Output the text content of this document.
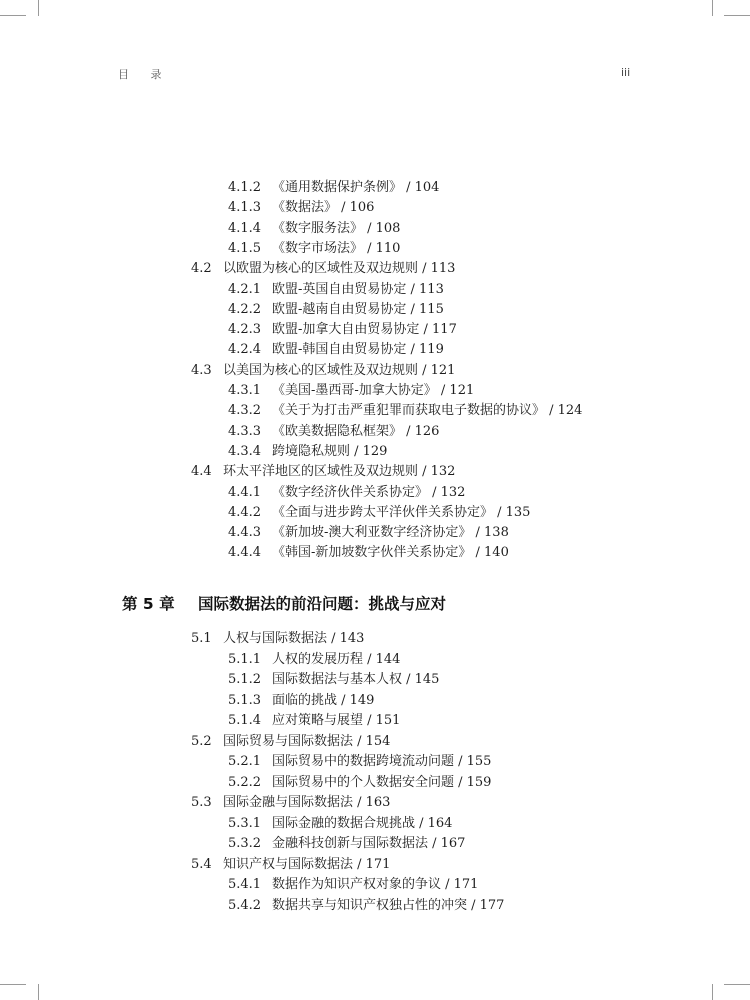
目 录	iii
4.1.2 《通用数据保护条例》 / 104
4.1.3 《数据法》 / 106
4.1.4 《数字服务法》 / 108
4.1.5 《数字市场法》 / 110
4.2 以欧盟为核心的区域性及双边规则 / 113
4.2.1 欧盟-英国自由贸易协定 / 113
4.2.2 欧盟-越南自由贸易协定 / 115
4.2.3 欧盟-加拿大自由贸易协定 / 117
4.2.4 欧盟-韩国自由贸易协定 / 119
4.3 以美国为核心的区域性及双边规则 / 121
4.3.1 《美国-墨西哥-加拿大协定》 / 121
4.3.2 《关于为打击严重犯罪而获取电子数据的协议》 / 124
4.3.3 《欧美数据隐私框架》 / 126
4.3.4 跨境隐私规则 / 129
4.4 环太平洋地区的区域性及双边规则 / 132
4.4.1 《数字经济伙伴关系协定》 / 132
4.4.2 《全面与进步跨太平洋伙伴关系协定》 / 135
4.4.3 《新加坡-澳大利亚数字经济协定》 / 138
4.4.4 《韩国-新加坡数字伙伴关系协定》 / 140
第 5 章 国际数据法的前沿问题：挑战与应对
5.1 人权与国际数据法 / 143
5.1.1 人权的发展历程 / 144
5.1.2 国际数据法与基本人权 / 145
5.1.3 面临的挑战 / 149
5.1.4 应对策略与展望 / 151
5.2 国际贸易与国际数据法 / 154
5.2.1 国际贸易中的数据跨境流动问题 / 155
5.2.2 国际贸易中的个人数据安全问题 / 159
5.3 国际金融与国际数据法 / 163
5.3.1 国际金融的数据合规挑战 / 164
5.3.2 金融科技创新与国际数据法 / 167
5.4 知识产权与国际数据法 / 171
5.4.1 数据作为知识产权对象的争议 / 171
5.4.2 数据共享与知识产权独占性的冲突 / 177
